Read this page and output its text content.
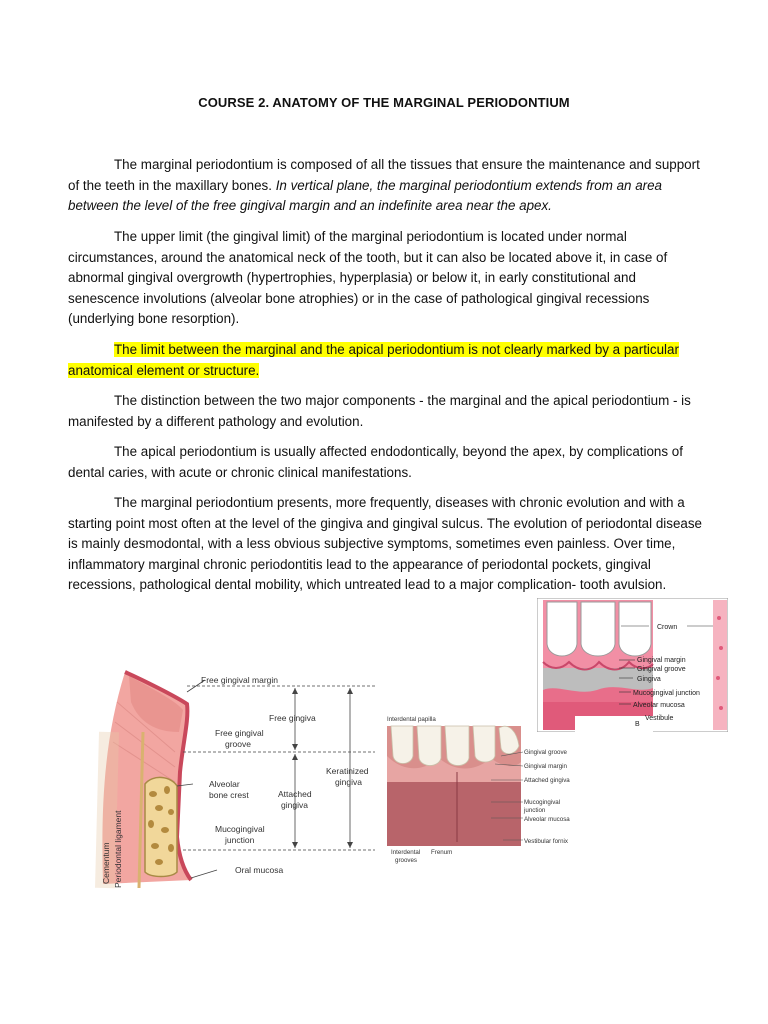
COURSE 2. ANATOMY OF THE MARGINAL PERIODONTIUM

The marginal periodontium is composed of all the tissues that ensure the maintenance and support of the teeth in the maxillary bones. In vertical plane, the marginal periodontium extends from an area between the level of the free gingival margin and an indefinite area near the apex.

The upper limit (the gingival limit) of the marginal periodontium is located under normal circumstances, around the anatomical neck of the tooth, but it can also be located above it, in case of abnormal gingival overgrowth (hypertrophies, hyperplasia) or below it, in early constitutional and senescence involutions (alveolar bone atrophies) or in the case of pathological gingival recessions (underlying bone resorption).

The limit between the marginal and the apical periodontium is not clearly marked by a particular anatomical element or structure.

The distinction between the two major components - the marginal and the apical periodontium - is manifested by a different pathology and evolution.

The apical periodontium is usually affected endodontically, beyond the apex, by complications of dental caries, with acute or chronic clinical manifestations.

The marginal periodontium presents, more frequently, diseases with chronic evolution and with a starting point most often at the level of the gingiva and gingival sulcus. The evolution of periodontal disease is mainly desmodontal, with a less obvious subjective symptoms, sometimes even painless. Over time, inflammatory marginal chronic periodontitis lead to the appearance of periodontal pockets, gingival recessions, pathological dental mobility, which untreated lead to a major complication- tooth avulsion.

Free gingival margin
Free gingiva
Free gingival
groove
Keratinized
gingiva
Alveolar
bone crest	Attached
gingiva
Mucogingival
junction
Oral mucosa
Cementum Periodontal ligament
Interdental papilla
Gingival groove
Gingival margin
Attached gingiva
Mucogingival
junction
Alveolar mucosa
Vestibular fornix
Interdental
grooves
Frenum
Crown
Gingival margin
Gingival groove
Gingiva
Mucogingival junction
Alveolar mucosa
Vestibule
B
